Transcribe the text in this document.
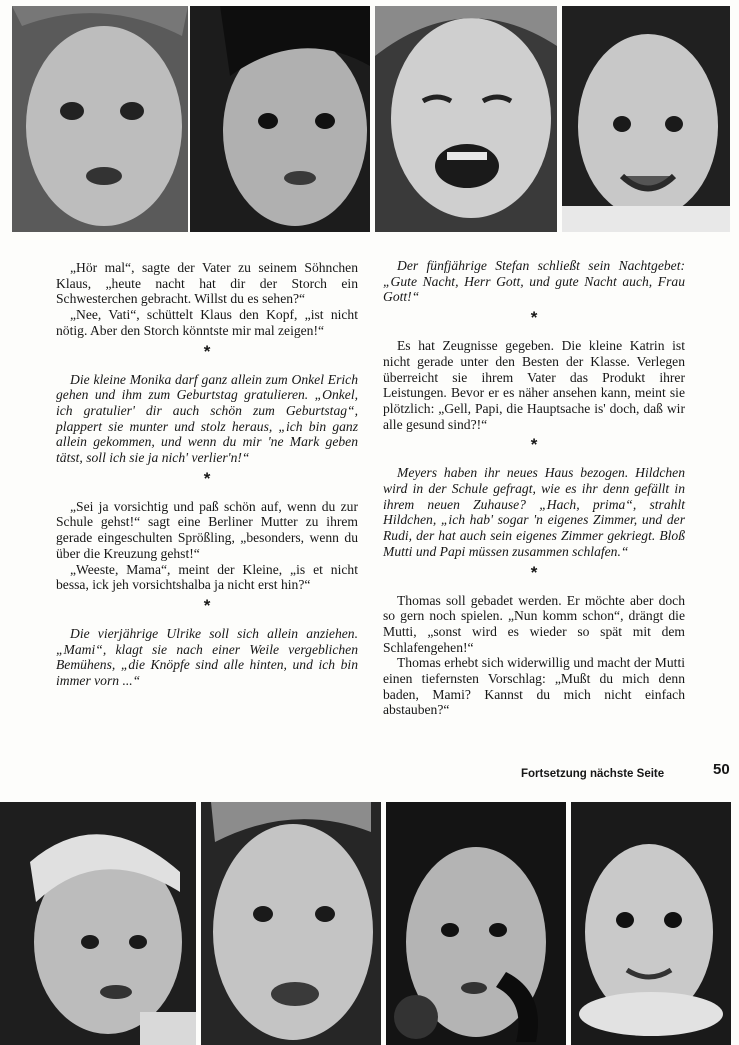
„Hör mal“, sagte der Vater zu seinem Söhnchen Klaus, „heute nacht hat dir der Storch ein Schwesterchen gebracht. Willst du es sehen?“

„Nee, Vati“, schüttelt Klaus den Kopf, „ist nicht nötig. Aber den Storch könntste mir mal zeigen!“

*

Die kleine Monika darf ganz allein zum Onkel Erich gehen und ihm zum Geburtstag gratulieren. „Onkel, ich gratulier' dir auch schön zum Geburtstag“, plappert sie munter und stolz heraus, „ich bin ganz allein gekommen, und wenn du mir 'ne Mark geben tätst, soll ich sie ja nich' verlier'n!“

*

„Sei ja vorsichtig und paß schön auf, wenn du zur Schule gehst!“ sagt eine Berliner Mutter zu ihrem gerade eingeschulten Sprößling, „besonders, wenn du über die Kreuzung gehst!“

„Weeste, Mama“, meint der Kleine, „is et nicht bessa, ick jeh vorsichtshalba ja nicht erst hin?“

*

Die vierjährige Ulrike soll sich allein anziehen. „Mami“, klagt sie nach einer Weile vergeblichen Bemühens, „die Knöpfe sind alle hinten, und ich bin immer vorn ...“

Der fünfjährige Stefan schließt sein Nachtgebet: „Gute Nacht, Herr Gott, und gute Nacht auch, Frau Gott!“

*

Es hat Zeugnisse gegeben. Die kleine Katrin ist nicht gerade unter den Besten der Klasse. Verlegen überreicht sie ihrem Vater das Produkt ihrer Leistungen. Bevor er es näher ansehen kann, meint sie plötzlich: „Gell, Papi, die Hauptsache is' doch, daß wir alle gesund sind?!“

*

Meyers haben ihr neues Haus bezogen. Hildchen wird in der Schule gefragt, wie es ihr denn gefällt in ihrem neuen Zuhause? „Hach, prima“, strahlt Hildchen, „ich hab' sogar 'n eigenes Zimmer, und der Rudi, der hat auch sein eigenes Zimmer gekriegt. Bloß Mutti und Papi müssen zusammen schlafen.“

*

Thomas soll gebadet werden. Er möchte aber doch so gern noch spielen. „Nun komm schon“, drängt die Mutti, „sonst wird es wieder so spät mit dem Schlafengehen!“

Thomas erhebt sich widerwillig und macht der Mutti einen tiefernsten Vorschlag: „Mußt du mich denn baden, Mami? Kannst du mich nicht einfach abstauben?“

Fortsetzung nächste Seite	50
